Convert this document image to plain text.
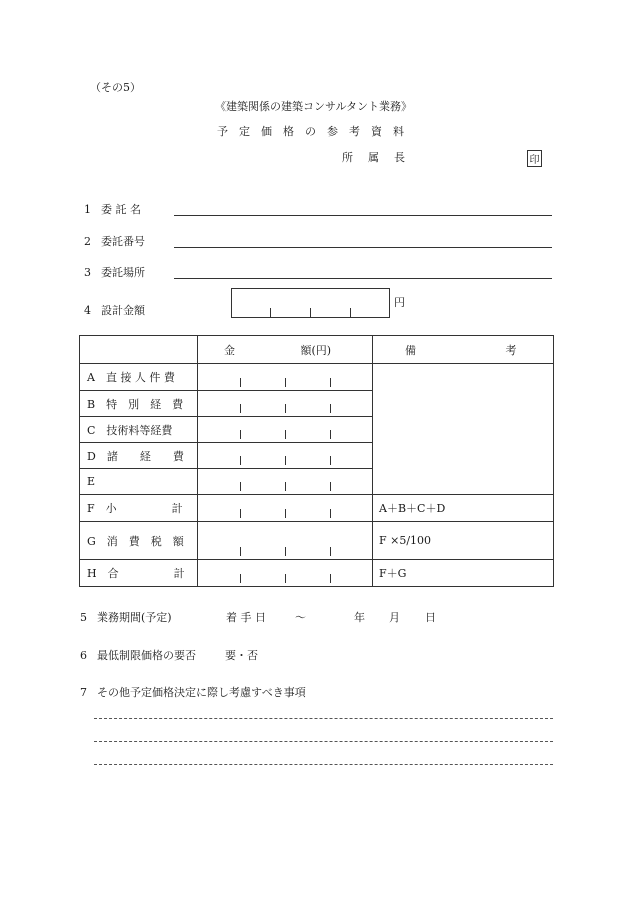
（その5）
《建築関係の建築コンサルタント業務》
予定価格の参考資料
所　属　長	印
1 委 託 名
2 委託番号
3 委託場所
4 設計金額
円
	金 額(円)	備 考
A　直 接 人 件 費	

B　特　別　経　費		

C　技術料等経費		

D　諸　　経　　費		

E		

F　小　　　　　計		A＋B＋C＋D
G　消　費　税　額		F ×5/100
H　合　　　　　計		F＋G
5 業務期間(予定)	着 手 日	〜	年 月 日
6 最低制限価格の要否	要・否
7 その他予定価格決定に際し考慮すべき事項
